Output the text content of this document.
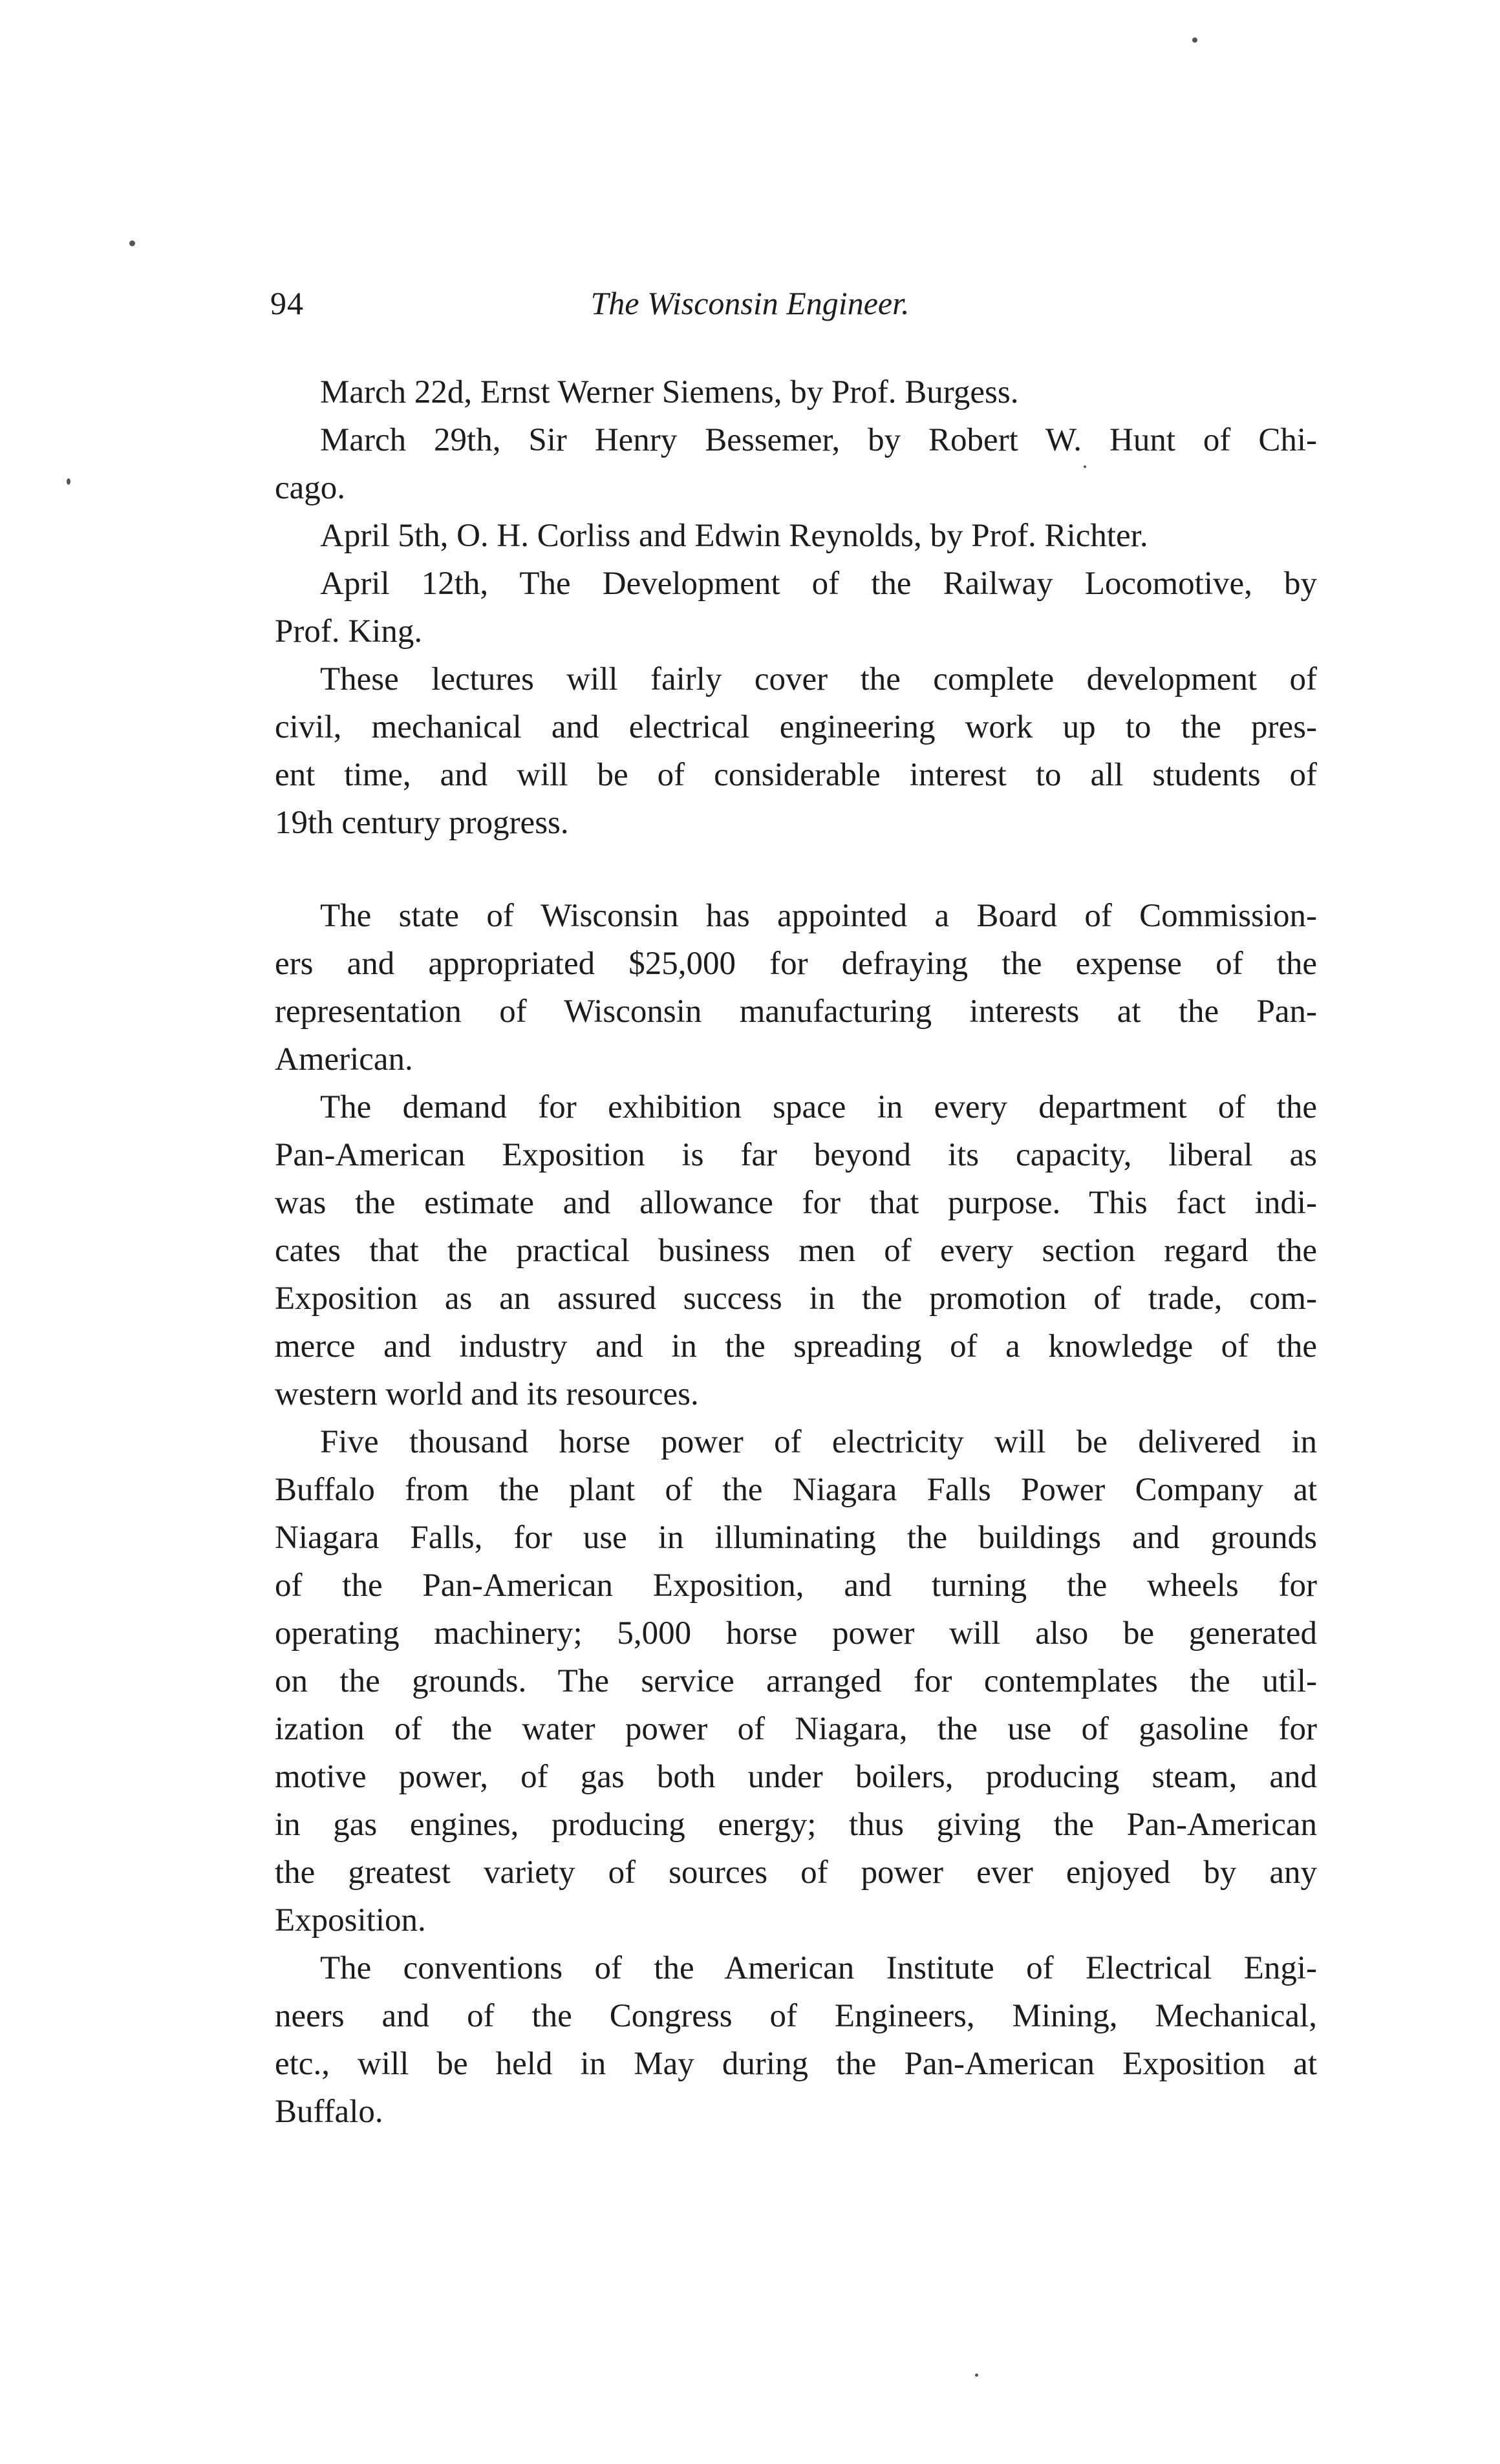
94	The Wisconsin Engineer.

March 22d, Ernst Werner Siemens, by Prof. Burgess.

March 29th, Sir Henry Bessemer, by Robert W. Hunt of Chi-
cago.

April 5th, O. H. Corliss and Edwin Reynolds, by Prof. Richter.

April 12th, The Development of the Railway Locomotive, by
Prof. King.

These lectures will fairly cover the complete development of
civil, mechanical and electrical engineering work up to the pres-
ent time, and will be of considerable interest to all students of
19th century progress.

The state of Wisconsin has appointed a Board of Commission-
ers and appropriated $25,000 for defraying the expense of the
representation of Wisconsin manufacturing interests at the Pan-
American.

The demand for exhibition space in every department of the
Pan-American Exposition is far beyond its capacity, liberal as
was the estimate and allowance for that purpose. This fact indi-
cates that the practical business men of every section regard the
Exposition as an assured success in the promotion of trade, com-
merce and industry and in the spreading of a knowledge of the
western world and its resources.

Five thousand horse power of electricity will be delivered in
Buffalo from the plant of the Niagara Falls Power Company at
Niagara Falls, for use in illuminating the buildings and grounds
of the Pan-American Exposition, and turning the wheels for
operating machinery; 5,000 horse power will also be generated
on the grounds. The service arranged for contemplates the util-
ization of the water power of Niagara, the use of gasoline for
motive power, of gas both under boilers, producing steam, and
in gas engines, producing energy; thus giving the Pan-American
the greatest variety of sources of power ever enjoyed by any
Exposition.

The conventions of the American Institute of Electrical Engi-
neers and of the Congress of Engineers, Mining, Mechanical,
etc., will be held in May during the Pan-American Exposition at
Buffalo.
